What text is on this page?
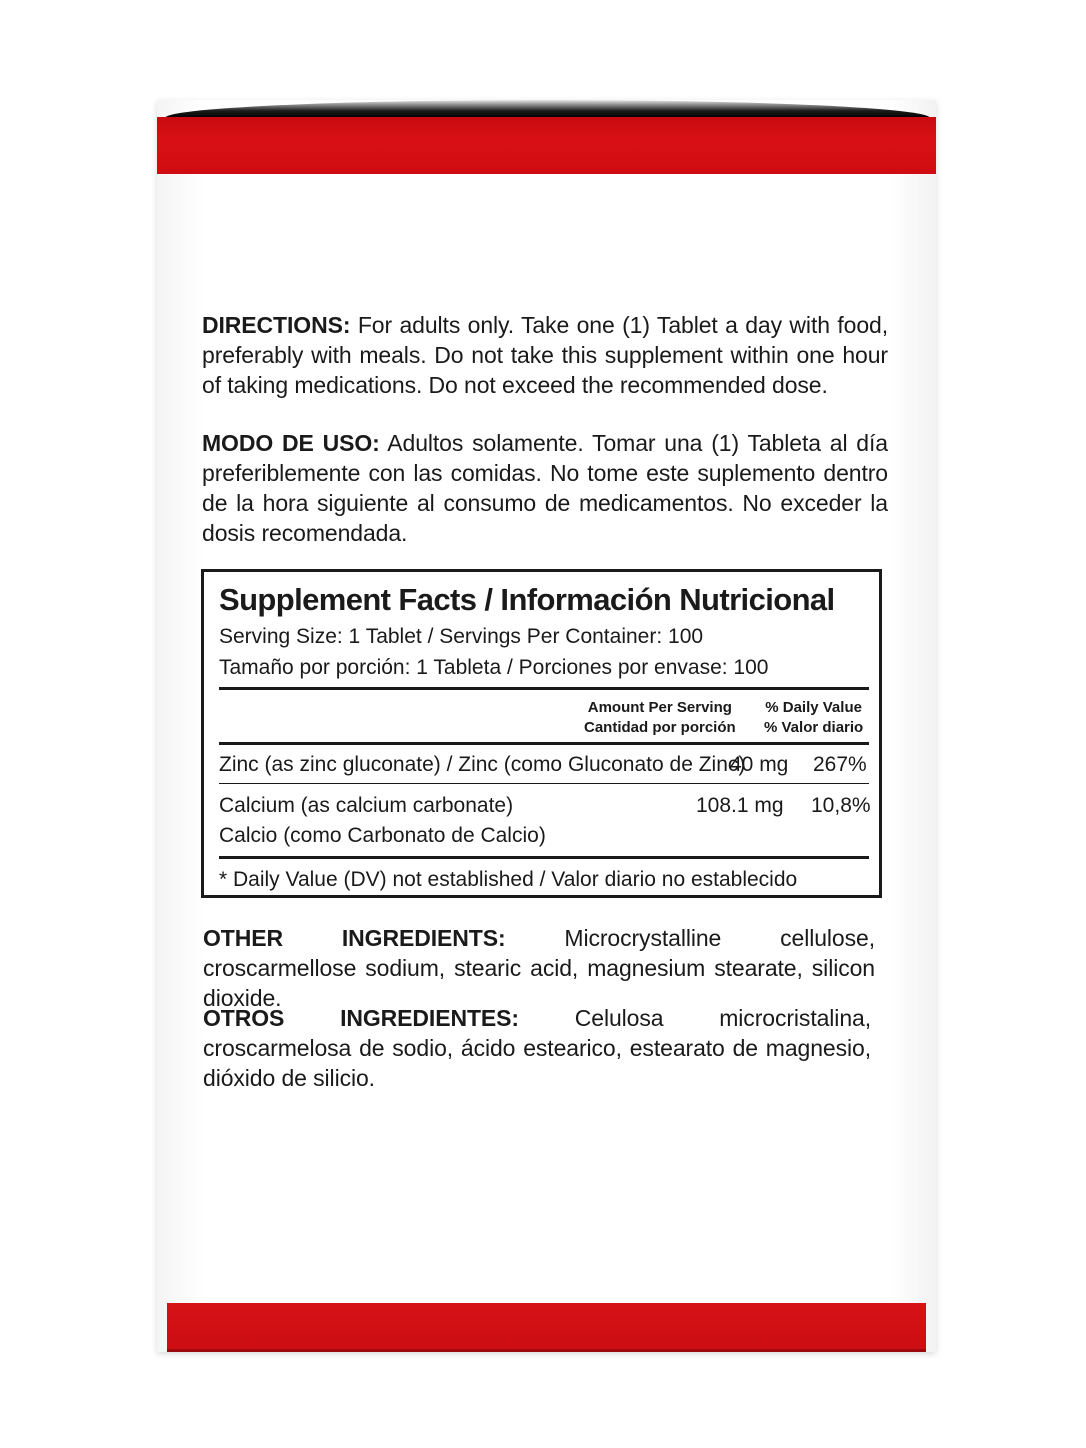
DIRECTIONS: For adults only. Take one (1) Tablet a day with food, preferably with meals. Do not take this supplement within one hour of taking medications. Do not exceed the recommended dose.

MODO DE USO: Adultos solamente. Tomar una (1) Tableta al día preferiblemente con las comidas. No tome este suplemento dentro de la hora siguiente al consumo de medicamentos. No exceder la dosis recomendada.

Supplement Facts / Información Nutricional
Serving Size: 1 Tablet / Servings Per Container: 100
Tamaño por porción: 1 Tableta / Porciones por envase: 100
Amount Per Serving
Cantidad por porción
% Daily Value
% Valor diario
Zinc (as zinc gluconate) / Zinc (como Gluconato de Zinc)
40 mg 267%
Calcium (as calcium carbonate)
Calcio (como Carbonato de Calcio)
108.1 mg 10,8%
* Daily Value (DV) not established / Valor diario no establecido

OTHER INGREDIENTS: Microcrystalline cellulose, croscarmellose sodium, stearic acid, magnesium stearate, silicon dioxide.

OTROS INGREDIENTES: Celulosa microcristalina, croscarmelosa de sodio, ácido estearico, estearato de magnesio, dióxido de silicio.
